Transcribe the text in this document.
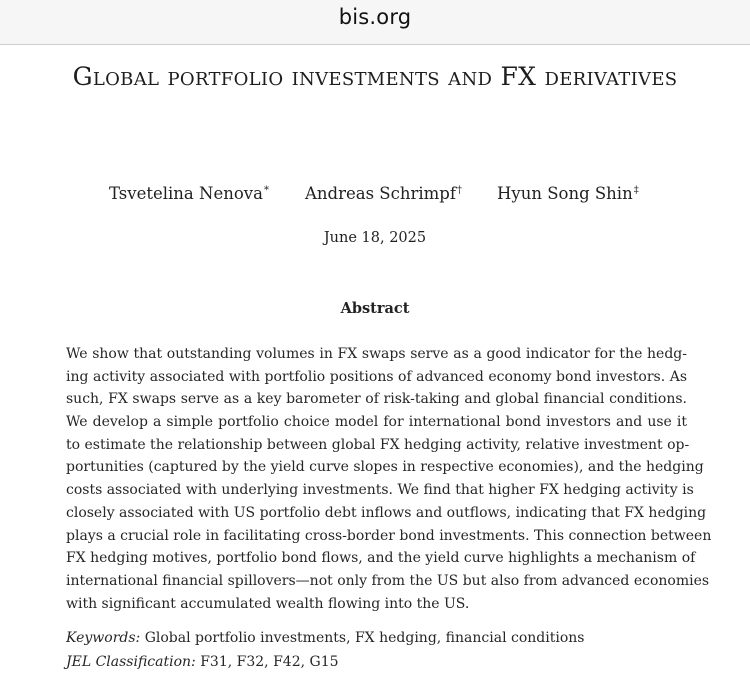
bis.org
Global portfolio investments and FX derivatives
Tsvetelina Nenova* Andreas Schrimpf† Hyun Song Shin‡
June 18, 2025
Abstract
We show that outstanding volumes in FX swaps serve as a good indicator for the hedg-
ing activity associated with portfolio positions of advanced economy bond investors. As
such, FX swaps serve as a key barometer of risk-taking and global financial conditions.
We develop a simple portfolio choice model for international bond investors and use it
to estimate the relationship between global FX hedging activity, relative investment op-
portunities (captured by the yield curve slopes in respective economies), and the hedging
costs associated with underlying investments. We find that higher FX hedging activity is
closely associated with US portfolio debt inflows and outflows, indicating that FX hedging
plays a crucial role in facilitating cross-border bond investments. This connection between
FX hedging motives, portfolio bond flows, and the yield curve highlights a mechanism of
international financial spillovers—not only from the US but also from advanced economies
with significant accumulated wealth flowing into the US.
Keywords: Global portfolio investments, FX hedging, financial conditions
JEL Classification: F31, F32, F42, G15
